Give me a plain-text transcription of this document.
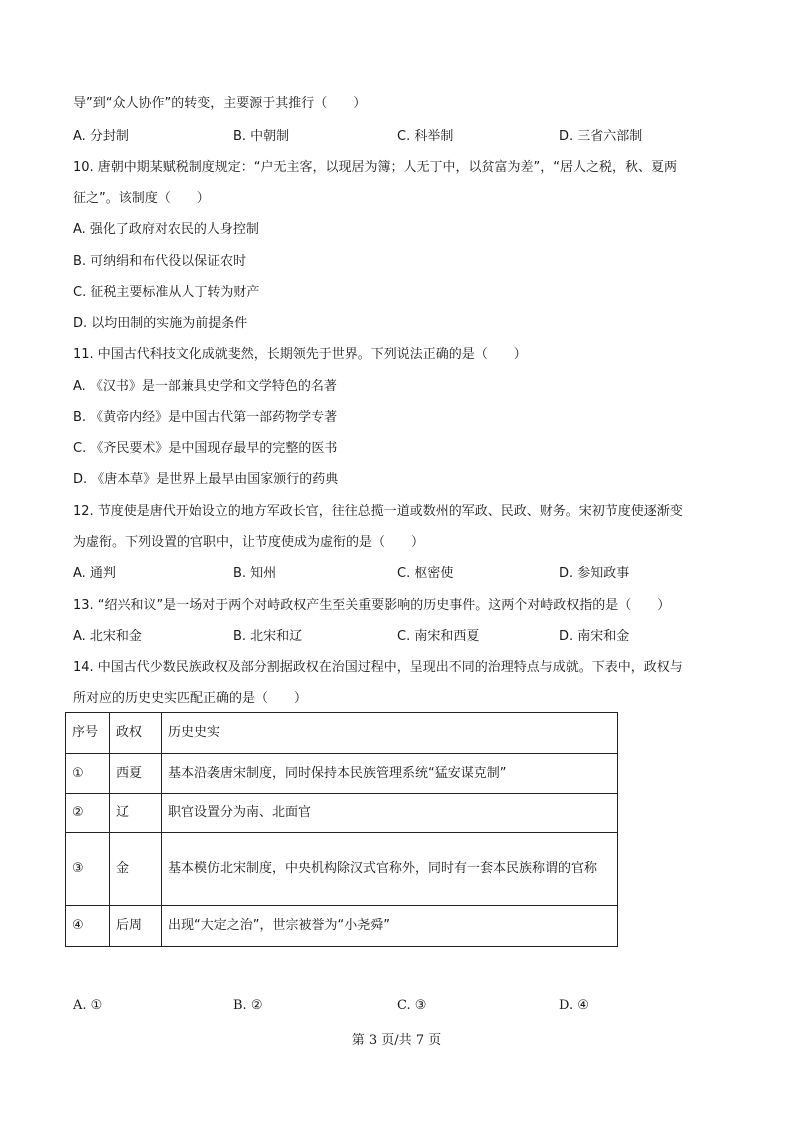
导”到“众人协作”的转变，主要源于其推行（　　）
A. 分封制	B. 中朝制	C. 科举制	D. 三省六部制
10. 唐朝中期某赋税制度规定：“户无主客，以现居为簿；人无丁中，以贫富为差”，“居人之税，秋、夏两
征之”。该制度（　　）
A. 强化了政府对农民的人身控制
B. 可纳绢和布代役以保证农时
C. 征税主要标准从人丁转为财产
D. 以均田制的实施为前提条件
11. 中国古代科技文化成就斐然，长期领先于世界。下列说法正确的是（　　）
A. 《汉书》是一部兼具史学和文学特色的名著
B. 《黄帝内经》是中国古代第一部药物学专著
C. 《齐民要术》是中国现存最早的完整的医书
D. 《唐本草》是世界上最早由国家颁行的药典
12. 节度使是唐代开始设立的地方军政长官，往往总揽一道或数州的军政、民政、财务。宋初节度使逐渐变
为虚衔。下列设置的官职中，让节度使成为虚衔的是（　　）
A. 通判	B. 知州	C. 枢密使	D. 参知政事
13. “绍兴和议”是一场对于两个对峙政权产生至关重要影响的历史事件。这两个对峙政权指的是（　　）
A. 北宋和金	B. 北宋和辽	C. 南宋和西夏	D. 南宋和金
14. 中国古代少数民族政权及部分割据政权在治国过程中，呈现出不同的治理特点与成就。下表中，政权与
所对应的历史史实匹配正确的是（　　）
序号	政权	历史史实
①	西夏	基本沿袭唐宋制度，同时保持本民族管理系统“猛安谋克制”
②	辽	职官设置分为南、北面官
③	金	基本模仿北宋制度，中央机构除汉式官称外，同时有一套本民族称谓的官称
④	后周	出现“大定之治”，世宗被誉为“小尧舜”
A. ①	B. ②	C. ③	D. ④
第 3 页/共 7 页
